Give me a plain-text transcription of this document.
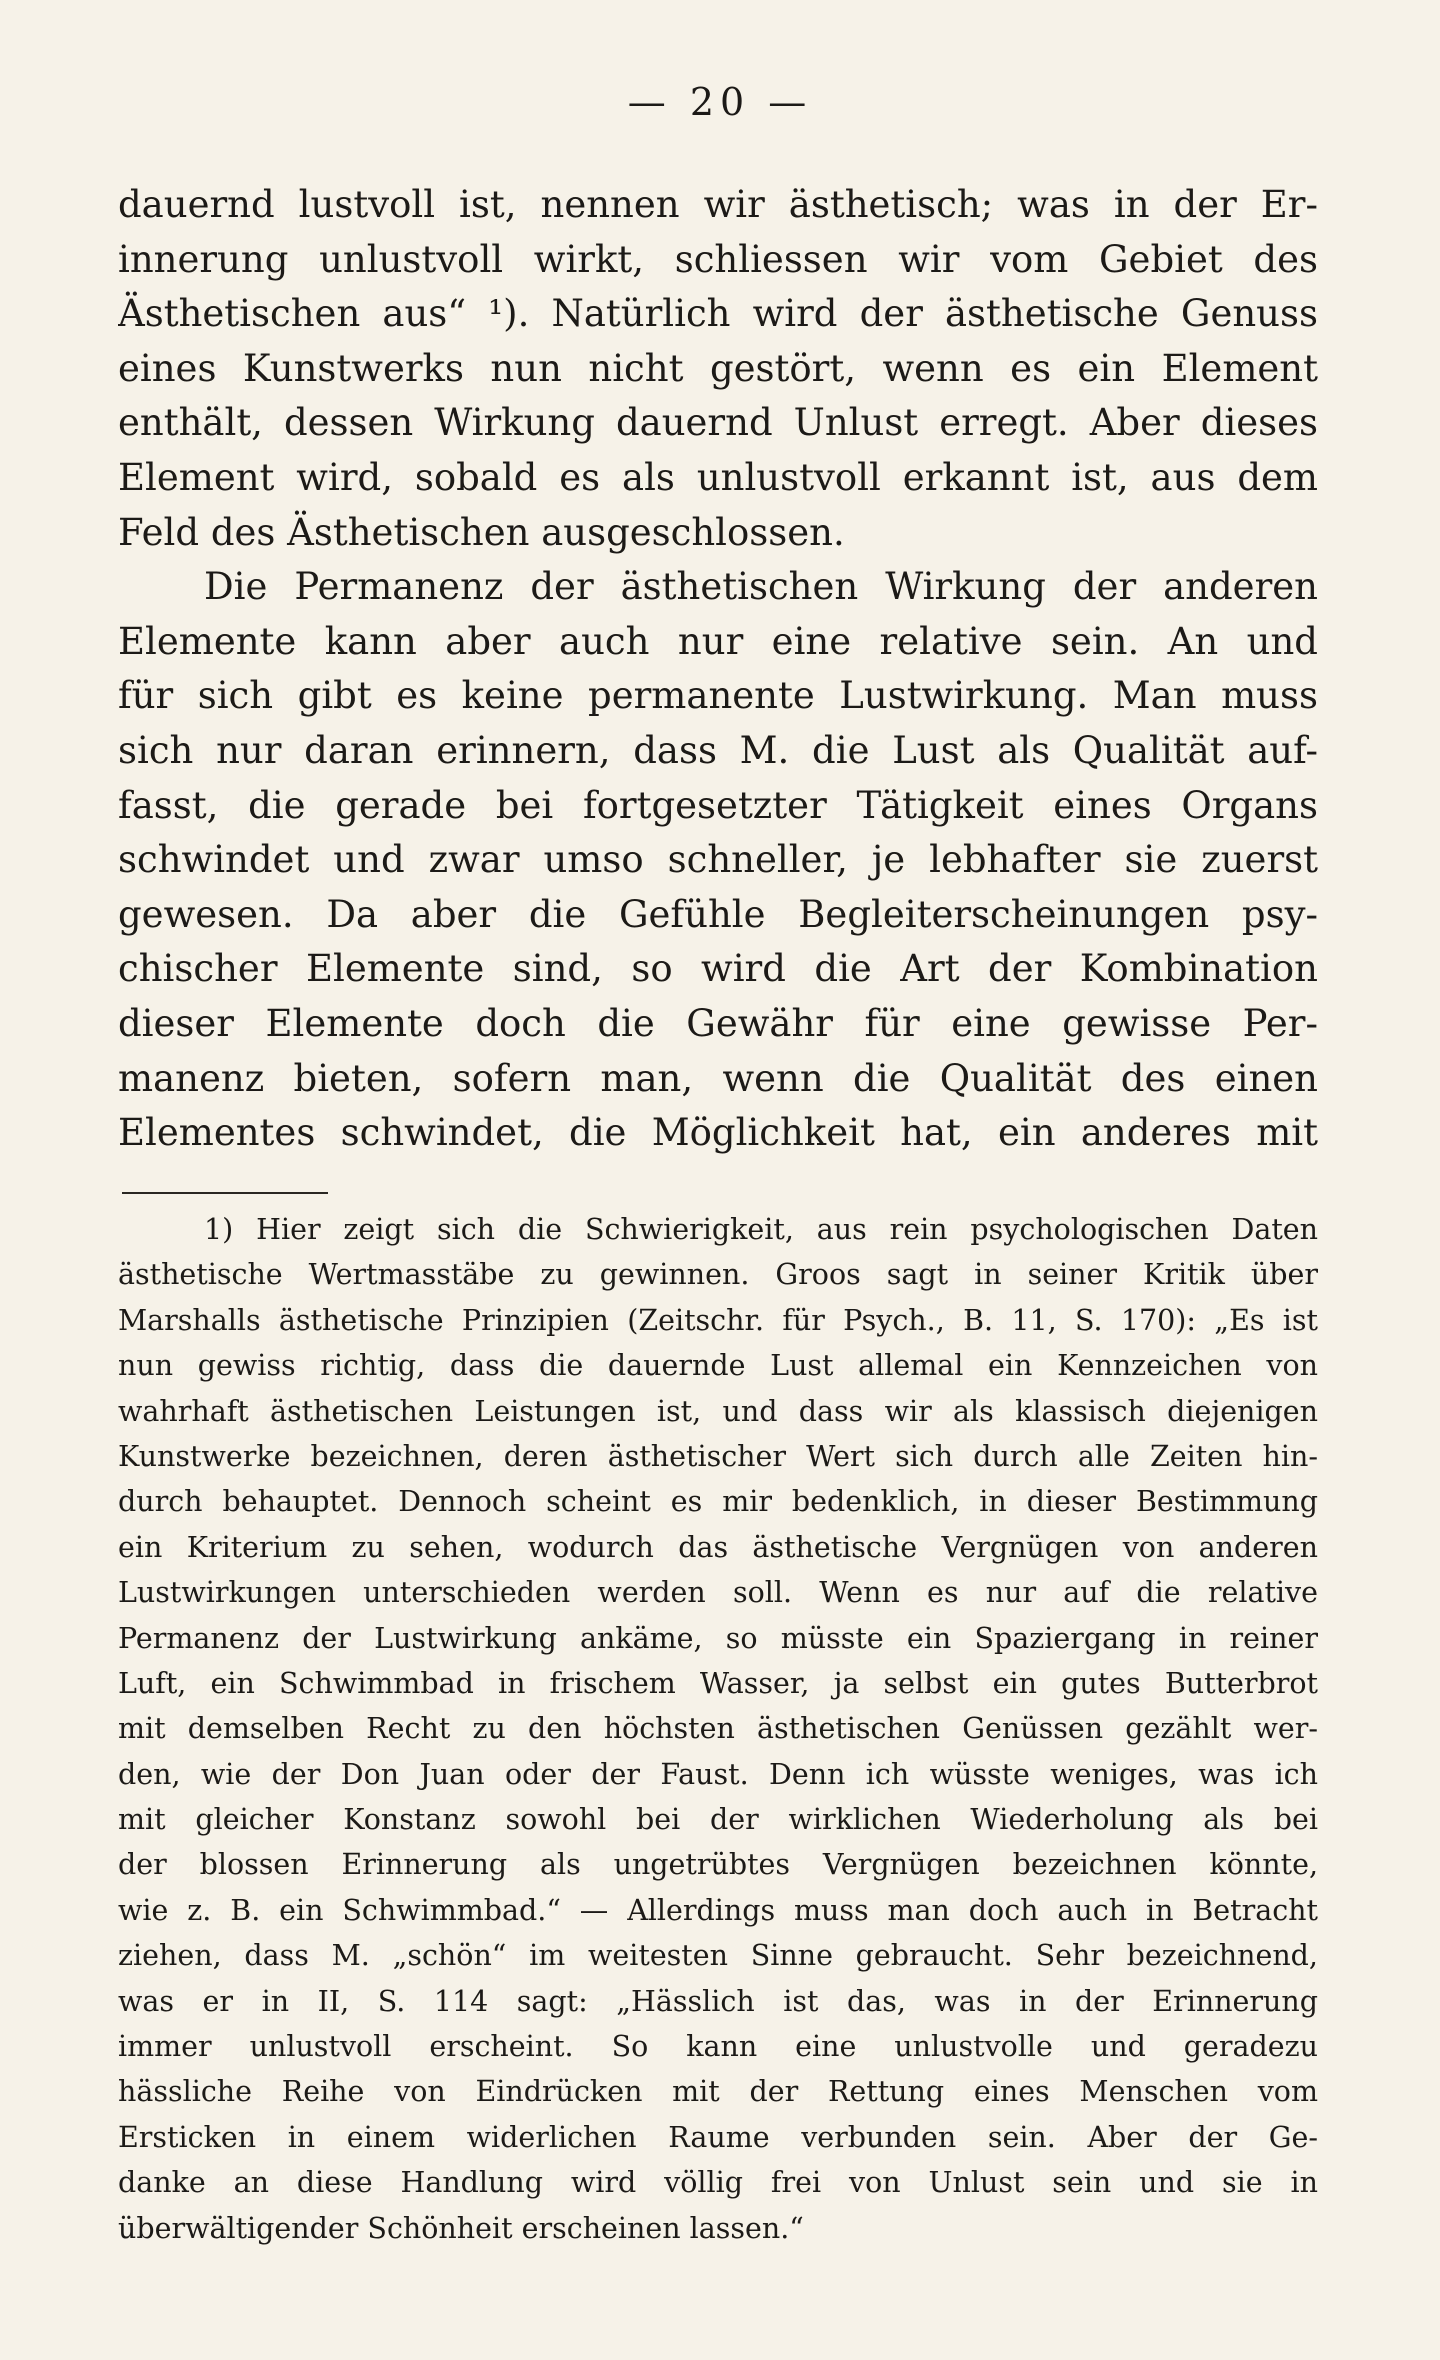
— 20 —
dauernd lustvoll ist, nennen wir ästhetisch; was in der Er-
innerung unlustvoll wirkt, schliessen wir vom Gebiet des
Ästhetischen aus“ ¹). Natürlich wird der ästhetische Genuss
eines Kunstwerks nun nicht gestört, wenn es ein Element
enthält, dessen Wirkung dauernd Unlust erregt. Aber dieses
Element wird, sobald es als unlustvoll erkannt ist, aus dem
Feld des Ästhetischen ausgeschlossen.
Die Permanenz der ästhetischen Wirkung der anderen
Elemente kann aber auch nur eine relative sein. An und
für sich gibt es keine permanente Lustwirkung. Man muss
sich nur daran erinnern, dass M. die Lust als Qualität auf-
fasst, die gerade bei fortgesetzter Tätigkeit eines Organs
schwindet und zwar umso schneller, je lebhafter sie zuerst
gewesen. Da aber die Gefühle Begleiterscheinungen psy-
chischer Elemente sind, so wird die Art der Kombination
dieser Elemente doch die Gewähr für eine gewisse Per-
manenz bieten, sofern man, wenn die Qualität des einen
Elementes schwindet, die Möglichkeit hat, ein anderes mit
1) Hier zeigt sich die Schwierigkeit, aus rein psychologischen Daten
ästhetische Wertmasstäbe zu gewinnen. Groos sagt in seiner Kritik über
Marshalls ästhetische Prinzipien (Zeitschr. für Psych., B. 11, S. 170): „Es ist
nun gewiss richtig, dass die dauernde Lust allemal ein Kennzeichen von
wahrhaft ästhetischen Leistungen ist, und dass wir als klassisch diejenigen
Kunstwerke bezeichnen, deren ästhetischer Wert sich durch alle Zeiten hin-
durch behauptet. Dennoch scheint es mir bedenklich, in dieser Bestimmung
ein Kriterium zu sehen, wodurch das ästhetische Vergnügen von anderen
Lustwirkungen unterschieden werden soll. Wenn es nur auf die relative
Permanenz der Lustwirkung ankäme, so müsste ein Spaziergang in reiner
Luft, ein Schwimmbad in frischem Wasser, ja selbst ein gutes Butterbrot
mit demselben Recht zu den höchsten ästhetischen Genüssen gezählt wer-
den, wie der Don Juan oder der Faust. Denn ich wüsste weniges, was ich
mit gleicher Konstanz sowohl bei der wirklichen Wiederholung als bei
der blossen Erinnerung als ungetrübtes Vergnügen bezeichnen könnte,
wie z. B. ein Schwimmbad.“ — Allerdings muss man doch auch in Betracht
ziehen, dass M. „schön“ im weitesten Sinne gebraucht. Sehr bezeichnend,
was er in II, S. 114 sagt: „Hässlich ist das, was in der Erinnerung
immer unlustvoll erscheint. So kann eine unlustvolle und geradezu
hässliche Reihe von Eindrücken mit der Rettung eines Menschen vom
Ersticken in einem widerlichen Raume verbunden sein. Aber der Ge-
danke an diese Handlung wird völlig frei von Unlust sein und sie in
überwältigender Schönheit erscheinen lassen.“
